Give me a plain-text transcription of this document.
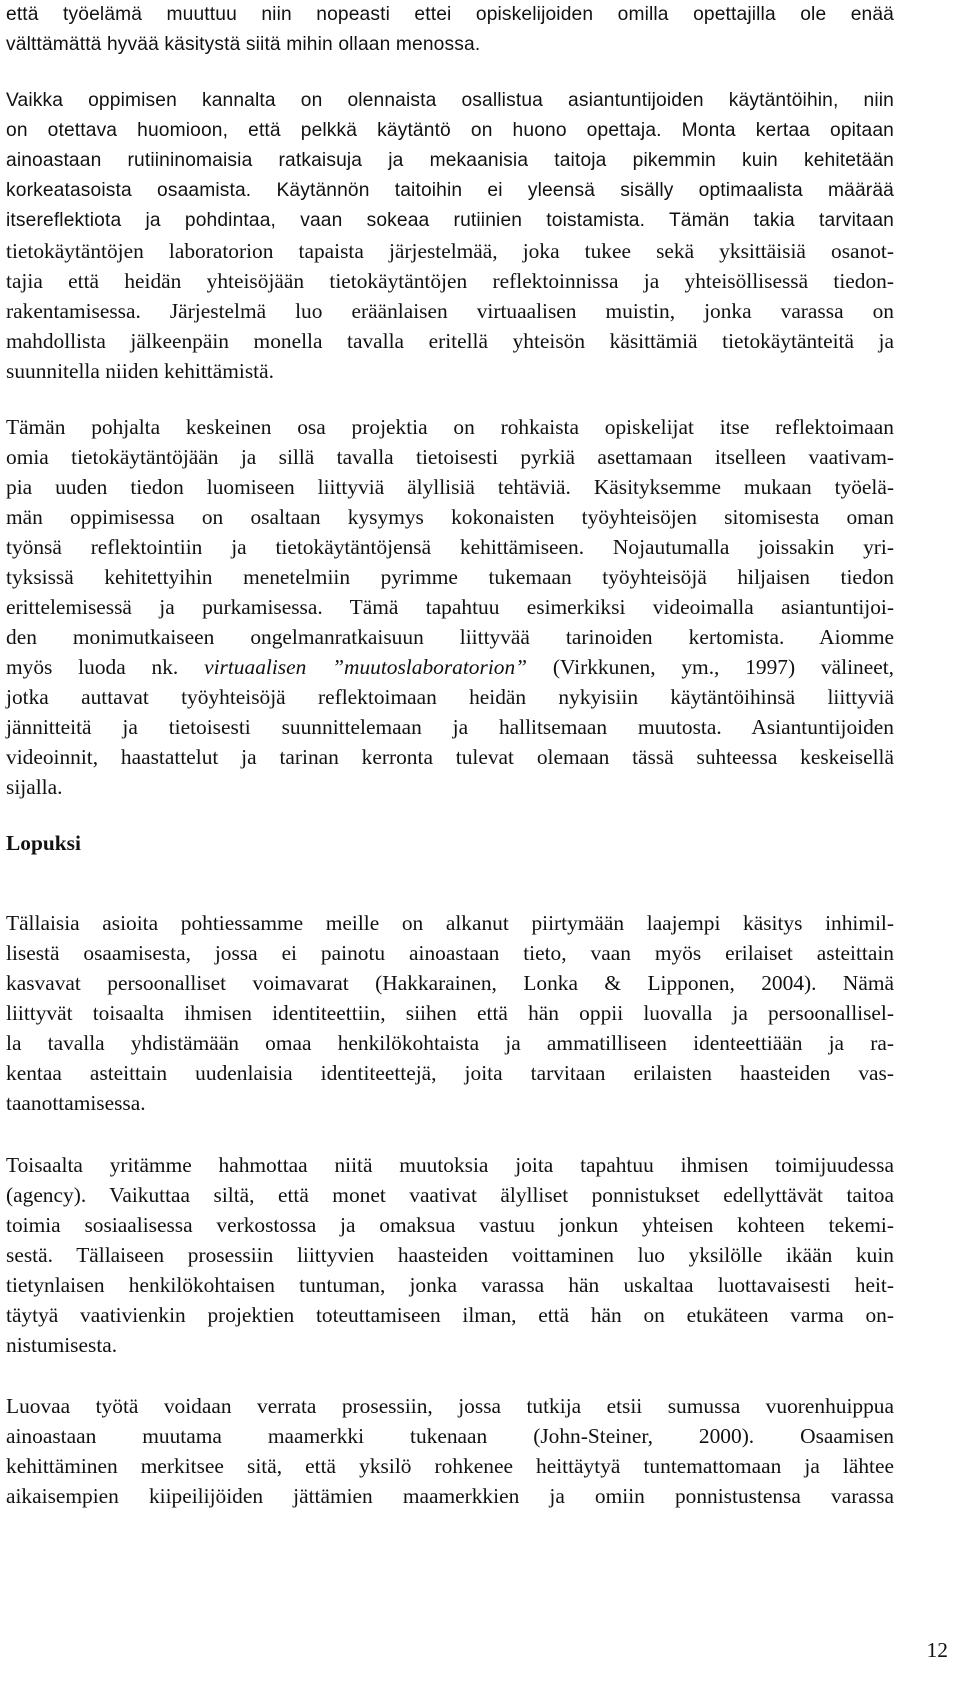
että työelämä muuttuu niin nopeasti ettei opiskelijoiden omilla opettajilla ole enää
välttämättä hyvää käsitystä siitä mihin ollaan menossa.
Vaikka oppimisen kannalta on olennaista osallistua asiantuntijoiden käytäntöihin, niin
on otettava huomioon, että pelkkä käytäntö on huono opettaja. Monta kertaa opitaan
ainoastaan rutiininomaisia ratkaisuja ja mekaanisia taitoja pikemmin kuin kehitetään
korkeatasoista osaamista. Käytännön taitoihin ei yleensä sisälly optimaalista määrää
itsereflektiota ja pohdintaa, vaan sokeaa rutiinien toistamista. Tämän takia tarvitaan
tietokäytäntöjen laboratorion tapaista järjestelmää, joka tukee sekä yksittäisiä osanot-
tajia että heidän yhteisöjään tietokäytäntöjen reflektoinnissa ja yhteisöllisessä tiedon-
rakentamisessa. Järjestelmä luo eräänlaisen virtuaalisen muistin, jonka varassa on
mahdollista jälkeenpäin monella tavalla eritellä yhteisön käsittämiä tietokäytänteitä ja
suunnitella niiden kehittämistä.
Tämän pohjalta keskeinen osa projektia on rohkaista opiskelijat itse reflektoimaan
omia tietokäytäntöjään ja sillä tavalla tietoisesti pyrkiä asettamaan itselleen vaativam-
pia uuden tiedon luomiseen liittyviä älyllisiä tehtäviä. Käsityksemme mukaan työelä-
män oppimisessa on osaltaan kysymys kokonaisten työyhteisöjen sitomisesta oman
työnsä reflektointiin ja tietokäytäntöjensä kehittämiseen. Nojautumalla joissakin yri-
tyksissä kehitettyihin menetelmiin pyrimme tukemaan työyhteisöjä hiljaisen tiedon
erittelemisessä ja purkamisessa. Tämä tapahtuu esimerkiksi videoimalla asiantuntijoi-
den monimutkaiseen ongelmanratkaisuun liittyvää tarinoiden kertomista. Aiomme
myös luoda nk. virtuaalisen ”muutoslaboratorion” (Virkkunen, ym., 1997) välineet,
jotka auttavat työyhteisöjä reflektoimaan heidän nykyisiin käytäntöihinsä liittyviä
jännitteitä ja tietoisesti suunnittelemaan ja hallitsemaan muutosta. Asiantuntijoiden
videoinnit, haastattelut ja tarinan kerronta tulevat olemaan tässä suhteessa keskeisellä
sijalla.
Lopuksi
Tällaisia asioita pohtiessamme meille on alkanut piirtymään laajempi käsitys inhimil-
lisestä osaamisesta, jossa ei painotu ainoastaan tieto, vaan myös erilaiset asteittain
kasvavat persoonalliset voimavarat (Hakkarainen, Lonka & Lipponen, 2004). Nämä
liittyvät toisaalta ihmisen identiteettiin, siihen että hän oppii luovalla ja persoonallisel-
la tavalla yhdistämään omaa henkilökohtaista ja ammatilliseen identeettiään ja ra-
kentaa asteittain uudenlaisia identiteettejä, joita tarvitaan erilaisten haasteiden vas-
taanottamisessa.
Toisaalta yritämme hahmottaa niitä muutoksia joita tapahtuu ihmisen toimijuudessa
(agency). Vaikuttaa siltä, että monet vaativat älylliset ponnistukset edellyttävät taitoa
toimia sosiaalisessa verkostossa ja omaksua vastuu jonkun yhteisen kohteen tekemi-
sestä. Tällaiseen prosessiin liittyvien haasteiden voittaminen luo yksilölle ikään kuin
tietynlaisen henkilökohtaisen tuntuman, jonka varassa hän uskaltaa luottavaisesti heit-
täytyä vaativienkin projektien toteuttamiseen ilman, että hän on etukäteen varma on-
nistumisesta.
Luovaa työtä voidaan verrata prosessiin, jossa tutkija etsii sumussa vuorenhuippua
ainoastaan muutama maamerkki tukenaan (John-Steiner, 2000). Osaamisen
kehittäminen merkitsee sitä, että yksilö rohkenee heittäytyä tuntemattomaan ja lähtee
aikaisempien kiipeilijöiden jättämien maamerkkien ja omiin ponnistustensa varassa
12
